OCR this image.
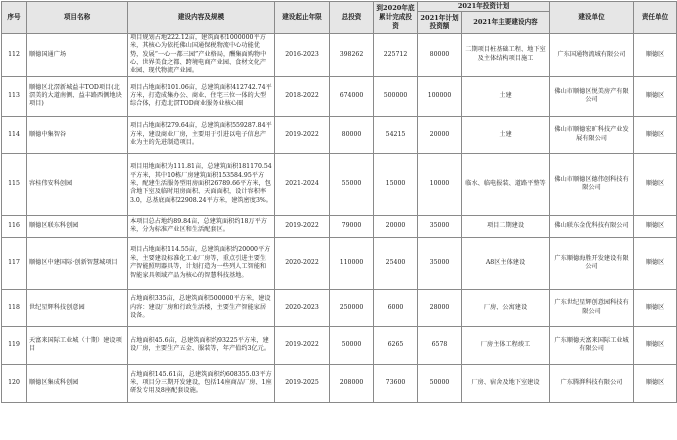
序号	项目名称	建设内容及规模	建设起止年限	总投资	到2020年底累计完成投资	2021年投资计划		建设单位	责任单位
						2021年计划投资额	2021年主要建设内容		
112	顺德国通广场	项目规划占地222.12亩，建筑面积1000000平方米，其核心为依托佛山国通保税物流中心功能优势，发展“一心一都三园”产业格局，酬集面购物中心、世界美食之都、跨境电商产业园、食材文化产业园、现代物流产业园。	2016-2023	398262	225712	80000	二期项目桩基础工程、地下室及主体结构项目施工	广东国通物流城有限公司	顺德区
113	顺德区北滘新城益丰TOD项目(北滘美的大道南侧、益丰路西侧地块项目)	项目占地面积101.06亩，总建筑面积412742.74平方米，打造成集办公、商业、住宅三位一体的大型综合体，打造北滘TOD商业服务业核心圈	2018-2022	674000	500000	100000	土建	佛山市顺德区悦美房产有限公司	顺德区
114	顺德中集智谷	项目占地面积279.64亩，总建筑面积559287.84平方米，建设商业厂房，主要用于引进以电子信息产业为主的先进制造项目。	2019-2022	80000	54215	20000	土建	佛山市顺德宏旷科技产业发展有限公司	顺德区
115	容桂伟安科创园	项目用地面积为111.81亩，总建筑面积181170.54平方米，其中10栋厂房建筑面积153584.95平方米，配建生活服务型用房面积26789.66平方米，包含地下室及临时用房面积、天面面积，设计容积率3.0，总基底面积22908.24平方米，建筑密度3%。	2021-2024	55000	15000	10000	临水、临电报装、道路平整等	佛山市顺德区德伟创科技有限公司	顺德区
116	顺德区联东科创园	本项目总占地约89.84亩，总建筑面积约18万平方米，分为标准产业区和生活配套区。	2019-2022	79000	20000	35000	项目二期建设	佛山联东金优科技有限公司	顺德区
117	顺德区中建国际·创新智慧城项目	项目占地面积114.55亩，总建筑面积约20000平方米，主要建设标准化工业厂房等，重点引进主要生产智能照明器具等，计划打造为一些列人工智能和智能家具领域产品为核心的智慧科技基地。	2020-2022	110000	25400	35000	A8区主体建设	广东顺德海胜开发建设有限公司	顺德区
118	世纪星辉科技创意园	占地面积335亩，总建筑面积500000平方米，建设内容：建设厂房和行政生活楼，主要生产智能家居设备。	2020-2023	250000	6000	28000	厂房、公寓建设	广东世纪星辉创意园科技有限公司	顺德区
119	天富来国际工业城（十期）建设项目	占地面积45.6亩，总建筑面积约93225平方米，建设厂房，主要生产五金、服装等，年产值约3亿元。	2019-2022	50000	6265	6578	厂房主体工程竣工	广东顺德天富来国际工业城有限公司	顺德区
120	顺德区集成科创园	占地面积145.61亩，总建筑面积约608355.03平方米，项目分三期开发建设，包括14座商品厂房、1座研发专用及8座配套设施。	2019-2025	208000	73600	50000	厂房、宿舍及地下室建设	广东腾湃科技有限公司	顺德区
